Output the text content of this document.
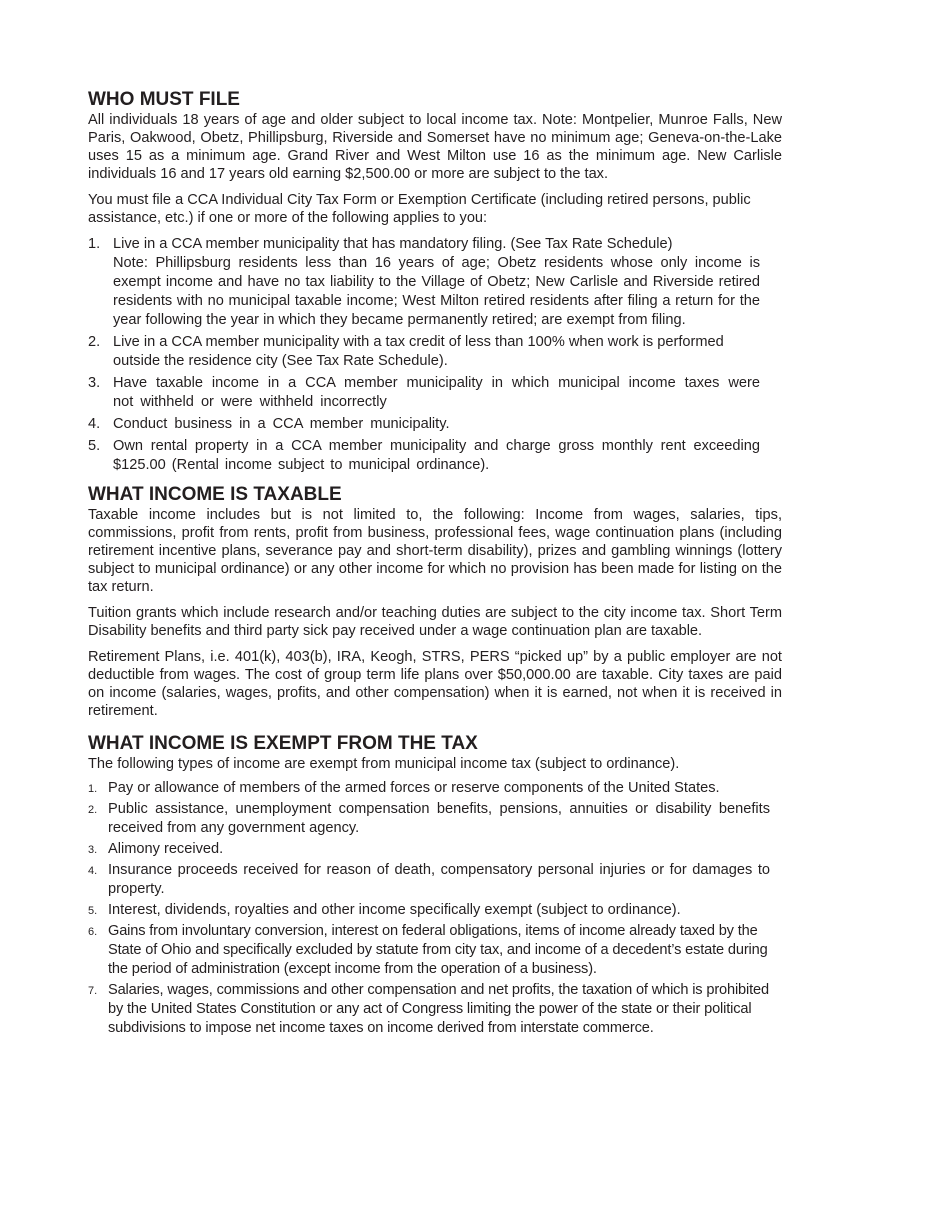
WHO MUST FILE

All individuals 18 years of age and older subject to local income tax. Note: Montpelier, Munroe Falls, New Paris, Oakwood, Obetz, Phillipsburg, Riverside and Somerset have no minimum age; Geneva-on-the-Lake uses 15 as a minimum age. Grand River and West Milton use 16 as the minimum age. New Carlisle individuals 16 and 17 years old earning $2,500.00 or more are subject to the tax.

You must file a CCA Individual City Tax Form or Exemption Certificate (including retired persons, public assistance, etc.) if one or more of the following applies to you:

1. Live in a CCA member municipality that has mandatory filing. (See Tax Rate Schedule)
Note: Phillipsburg residents less than 16 years of age; Obetz residents whose only income is exempt income and have no tax liability to the Village of Obetz; New Carlisle and Riverside retired residents with no municipal taxable income; West Milton retired residents after filing a return for the year following the year in which they became permanently retired; are exempt from filing.
2. Live in a CCA member municipality with a tax credit of less than 100% when work is performed outside the residence city (See Tax Rate Schedule).
3. Have taxable income in a CCA member municipality in which municipal income taxes were not withheld or were withheld incorrectly
4. Conduct business in a CCA member municipality.
5. Own rental property in a CCA member municipality and charge gross monthly rent exceeding $125.00 (Rental income subject to municipal ordinance).
WHAT INCOME IS TAXABLE

Taxable income includes but is not limited to, the following: Income from wages, salaries, tips, commissions, profit from rents, profit from business, professional fees, wage continuation plans (including retirement incentive plans, severance pay and short-term disability), prizes and gambling winnings (lottery subject to municipal ordinance) or any other income for which no provision has been made for listing on the tax return.

Tuition grants which include research and/or teaching duties are subject to the city income tax. Short Term Disability benefits and third party sick pay received under a wage continuation plan are taxable.

Retirement Plans, i.e. 401(k), 403(b), IRA, Keogh, STRS, PERS “picked up” by a public employer are not deductible from wages. The cost of group term life plans over $50,000.00 are taxable. City taxes are paid on income (salaries, wages, profits, and other compensation) when it is earned, not when it is received in retirement.

WHAT INCOME IS EXEMPT FROM THE TAX

The following types of income are exempt from municipal income tax (subject to ordinance).

1. Pay or allowance of members of the armed forces or reserve components of the United States.
2. Public assistance, unemployment compensation benefits, pensions, annuities or disability benefits received from any government agency.
3. Alimony received.
4. Insurance proceeds received for reason of death, compensatory personal injuries or for damages to property.
5. Interest, dividends, royalties and other income specifically exempt (subject to ordinance).
6. Gains from involuntary conversion, interest on federal obligations, items of income already taxed by the State of Ohio and specifically excluded by statute from city tax, and income of a decedent’s estate during the period of administration (except income from the operation of a business).
7. Salaries, wages, commissions and other compensation and net profits, the taxation of which is prohibited by the United States Constitution or any act of Congress limiting the power of the state or their political subdivisions to impose net income taxes on income derived from interstate commerce.
